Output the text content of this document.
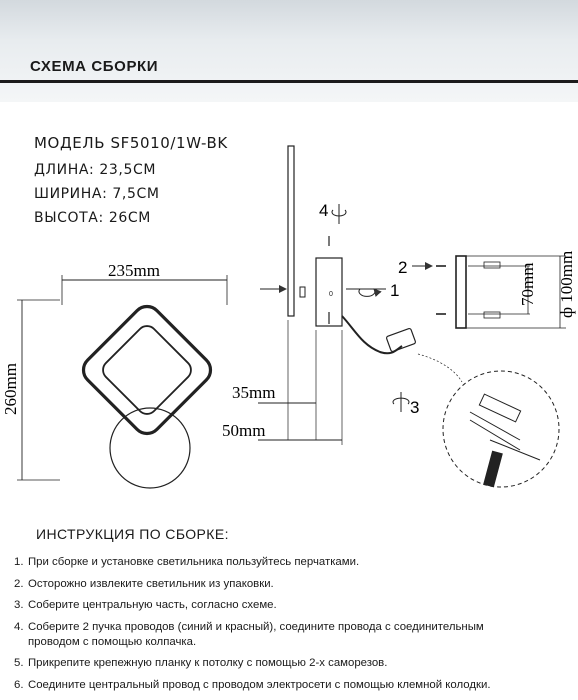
СХЕМА СБОРКИ
МОДЕЛЬ SF5010/1W-BK
ДЛИНА: 23,5СМ
ШИРИНА: 7,5СМ
ВЫСОТА: 26СМ
235mm
260mm
0
35mm
50mm
4
1
3
2	70mm ф 100mm
ИНСТРУКЦИЯ ПО СБОРКЕ:
1. При сборке и установке светильника пользуйтесь перчатками.
2. Осторожно извлеките светильник из упаковки.
3. Соберите центральную часть, согласно схеме.
4. Соберите 2 пучка проводов (синий и красный), соедините провода с соединительным
проводом с помощью колпачка.
5. Прикрепите крепежную планку к потолку с помощью 2-х саморезов.
6. Соедините центральный провод с проводом электросети с помощью клемной колодки.
